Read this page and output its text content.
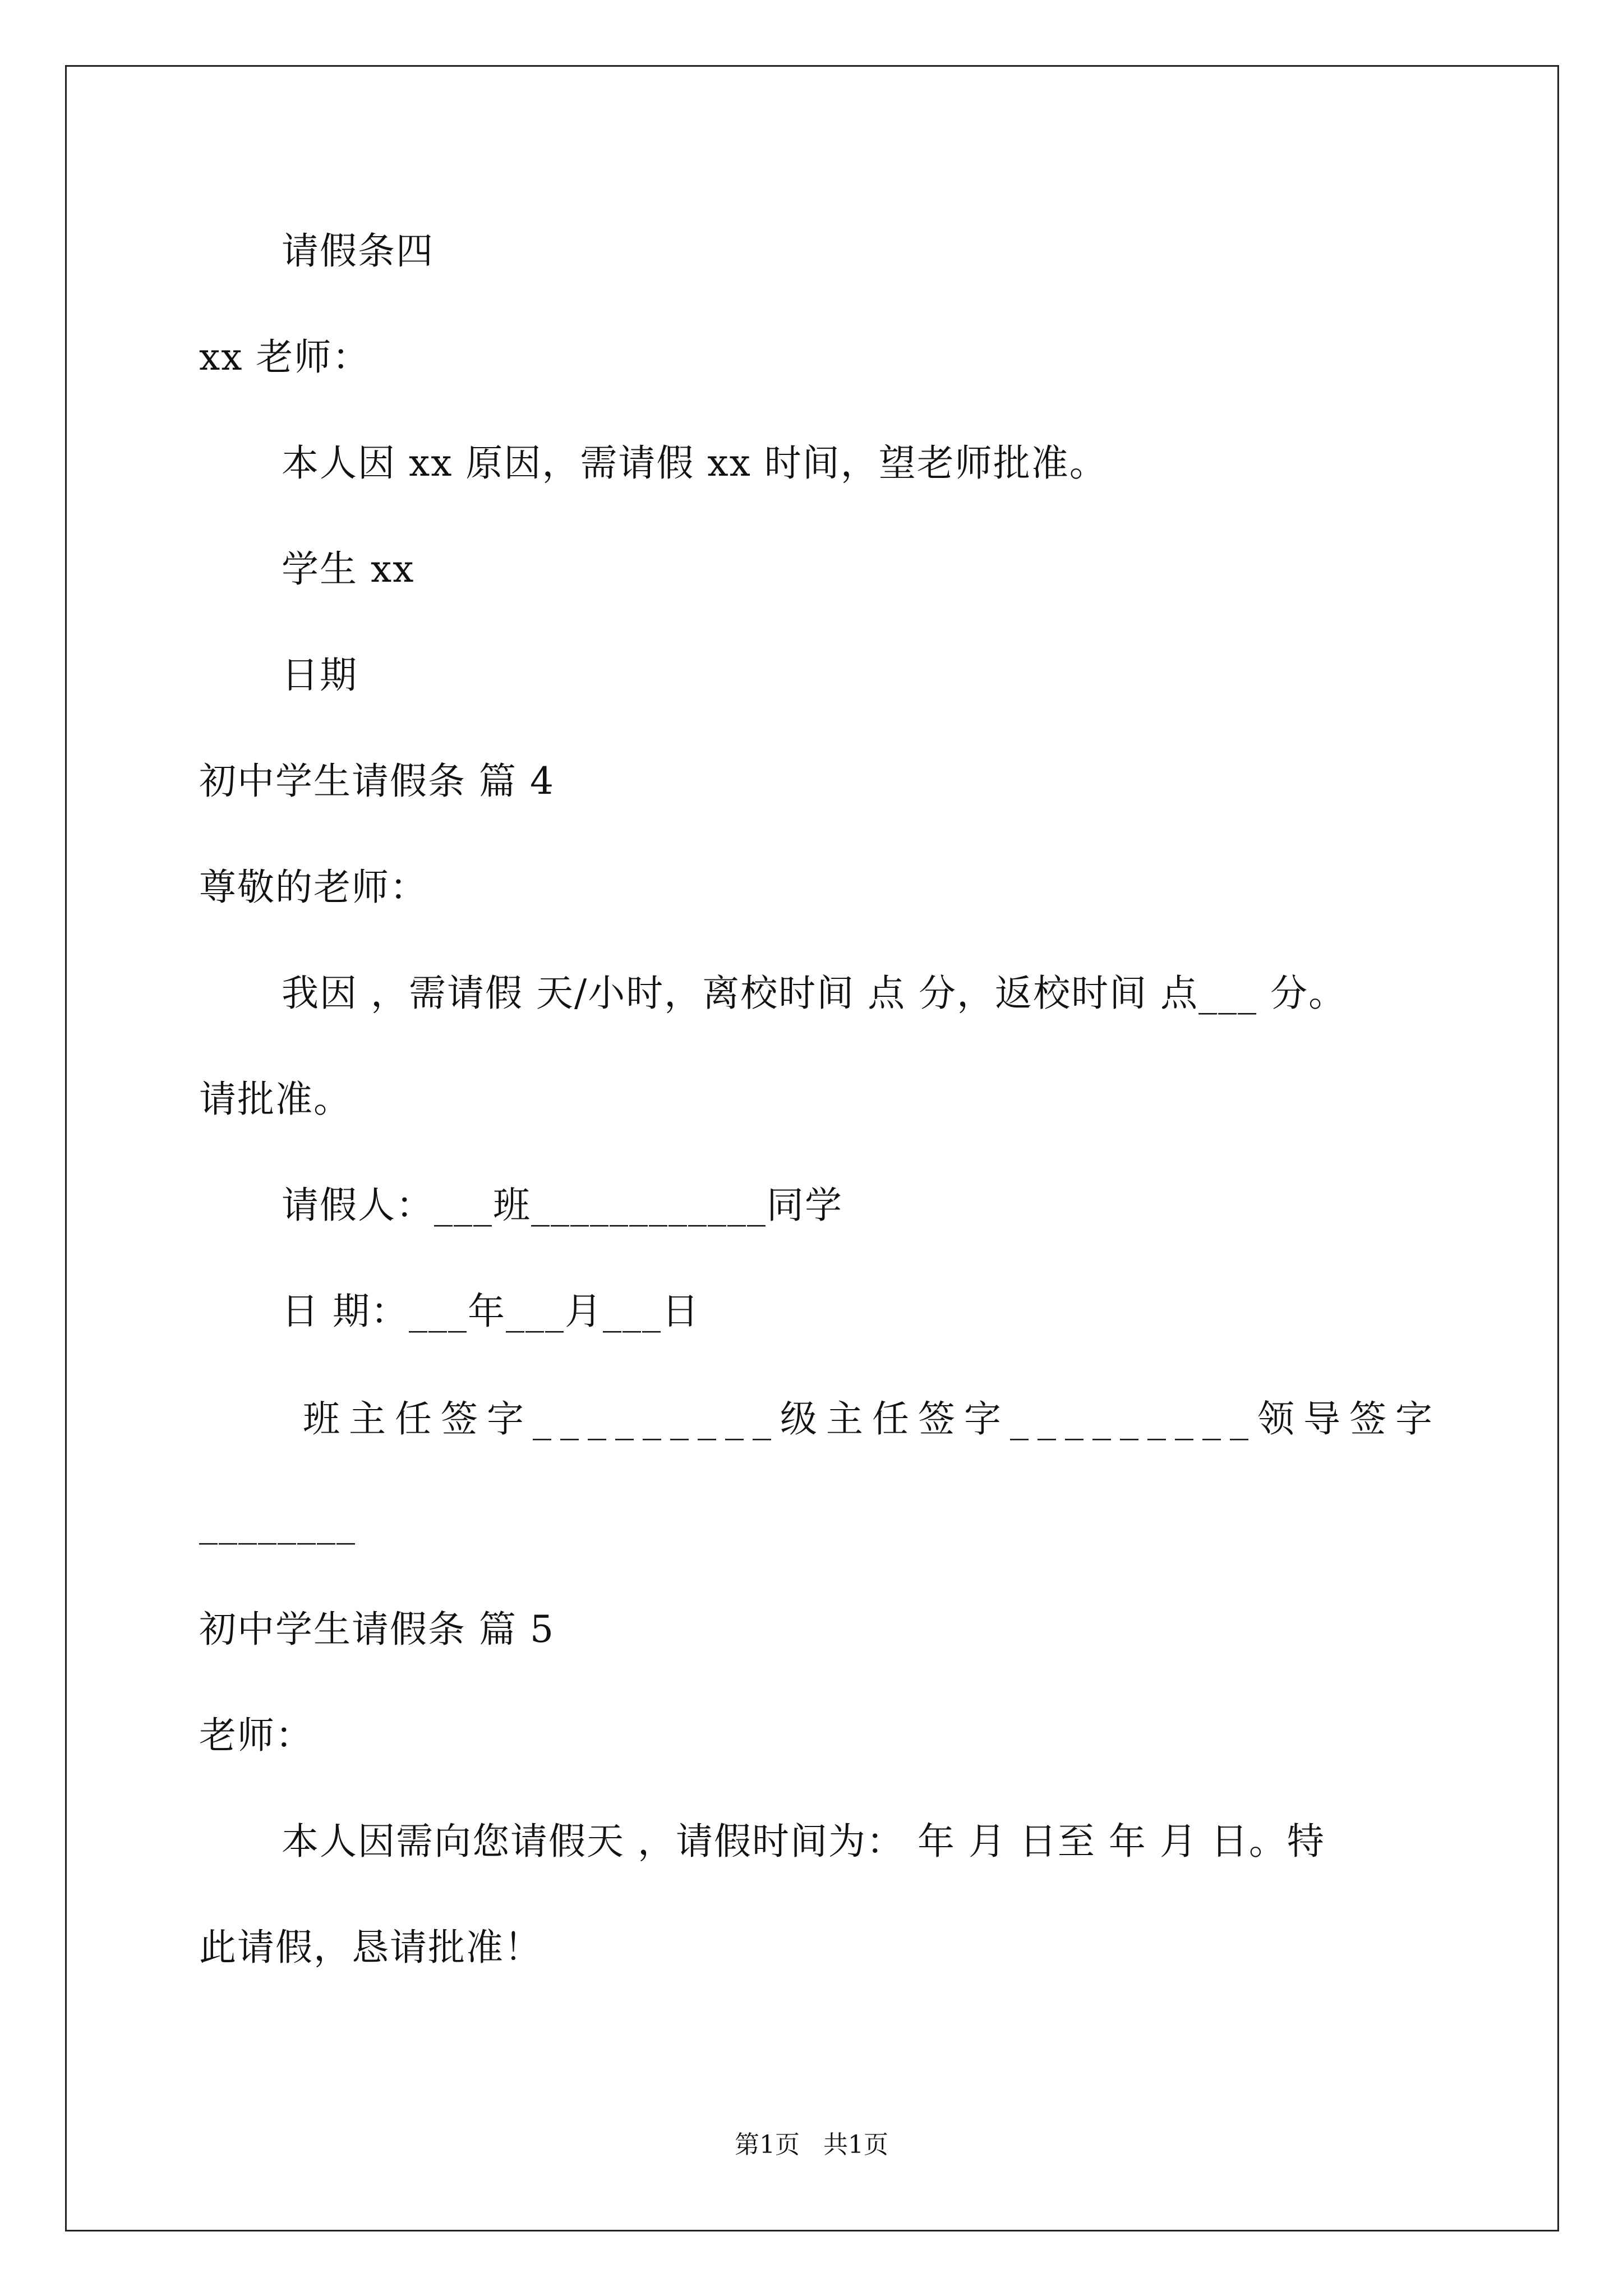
请假条四
xx 老师：
本人因 xx 原因，需请假 xx 时间，望老师批准。
学生 xx
日期
初中学生请假条 篇 4
尊敬的老师：
我因 ，需请假 天/小时，离校时间 点 分，返校时间 点___ 分。
请批准。
请假人：___班____________同学
日 期：___年___月___日
班主任签字_________ 级主任签字_________ 领导签字
________
初中学生请假条 篇 5
老师：
本人因需向您请假天 ，请假时间为： 年 月 日至 年 月 日。特
此请假，恳请批准！
第1页   共1页
